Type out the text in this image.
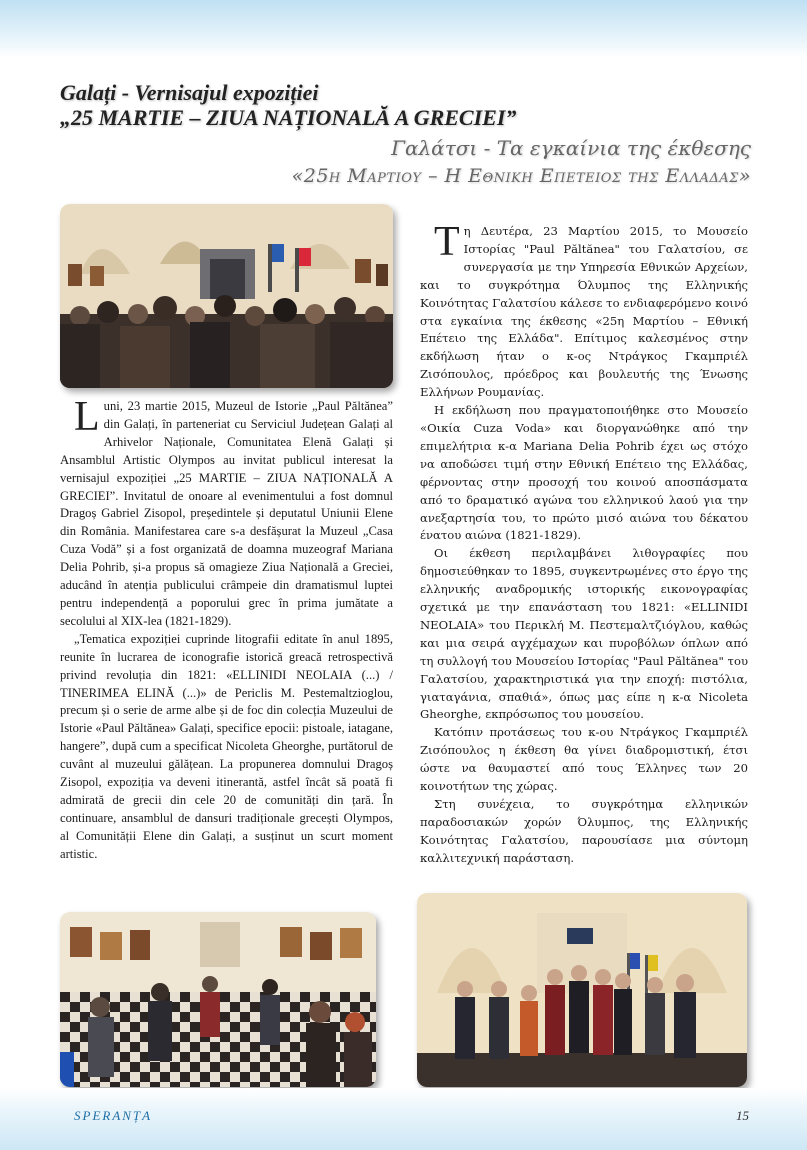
Galați - Vernisajul expoziției
„25 MARTIE – ZIUA NAȚIONALĂ A GRECIEI”
Γαλάτσι - Τα εγκαίνια της έκθεσης
«25η Μαρτιου – Η Εθνικη Επετειος της Ελλαδας»

Luni, 23 martie 2015, Muzeul de Istorie „Paul Păltănea” din Galați, în parteneriat cu Serviciul Județean Galați al Arhivelor Naționale, Comunitatea Elenă Galați și Ansamblul Artistic Olympos au invitat publicul interesat la vernisajul expoziției „25 MARTIE – ZIUA NAȚIONALĂ A GRECIEI”. Invitatul de onoare al evenimentului a fost domnul Dragoș Gabriel Zisopol, președintele și deputatul Uniunii Elene din România. Manifestarea care s-a desfășurat la Muzeul „Casa Cuza Vodă” și a fost organizată de doamna muzeograf Mariana Delia Pohrib, și-a propus să omagieze Ziua Națională a Greciei, aducând în atenția publicului crâmpeie din dramatismul luptei pentru independență a poporului grec în prima jumătate a secolului al XIX-lea (1821-1829).

„Tematica expoziției cuprinde litografii editate în anul 1895, reunite în lucrarea de iconografie istorică greacă retrospectivă privind revoluția din 1821: «ELLINIDI NEOLAIA (...) / TINERIMEA ELINĂ (...)» de Periclis M. Pestemaltzioglou, precum și o serie de arme albe și de foc din colecția Muzeului de Istorie «Paul Păltănea» Galați, specifice epocii: pistoale, iatagane, hangere”, după cum a specificat Nicoleta Gheorghe, purtătorul de cuvânt al muzeului gălățean. La propunerea domnului Dragoș Zisopol, expoziția va deveni itinerantă, astfel încât să poată fi admirată de grecii din cele 20 de comunități din țară. În continuare, ansamblul de dansuri tradiționale grecești Olympos, al Comunității Elene din Galați, a susținut un scurt moment artistic.

Τη Δευτέρα, 23 Μαρτίου 2015, το Μουσείο Ιστορίας "Paul Păltănea" του Γαλατσίου, σε συνεργασία με την Υπηρεσία Εθνικών Αρχείων, και το συγκρότημα Όλυμπος της Ελληνικής Κοινότητας Γαλατσίου κάλεσε το ενδιαφερόμενο κοινό στα εγκαίνια της έκθεσης «25η Μαρτίου – Εθνική Επέτειο της Ελλάδα". Επίτιμος καλεσμένος στην εκδήλωση ήταν ο κ-ος Ντράγκος Γκαμπριέλ Ζισόπουλος, πρόεδρος και βουλευτής της Ένωσης Ελλήνων Ρουμανίας.

Η εκδήλωση που πραγματοποιήθηκε στο Μουσείο «Οικία Cuza Voda» και διοργανώθηκε από την επιμελήτρια κ-α Mariana Delia Pohrib έχει ως στόχο να αποδώσει τιμή στην Εθνική Επέτειο της Ελλάδας, φέρνοντας στην προσοχή του κοινού αποσπάσματα από το δραματικό αγώνα του ελληνικού λαού για την ανεξαρτησία του, το πρώτο μισό αιώνα του δέκατου ένατου αιώνα (1821-1829).

Οι έκθεση περιλαμβάνει λιθογραφίες που δημοσιεύθηκαν το 1895, συγκεντρωμένες στο έργο της ελληνικής αναδρομικής ιστορικής εικονογραφίας σχετικά με την επανάσταση του 1821: «ELLINIDI NEOLAIA» του Περικλή Μ. Πεστεμαλτζιόγλου, καθώς και μια σειρά αγχέμαχων και πυροβόλων όπλων από τη συλλογή του Μουσείου Ιστορίας "Paul Păltănea" του Γαλατσίου, χαρακτηριστικά για την εποχή: πιστόλια, γιαταγάνια, σπαθιά», όπως μας είπε η κ-α Nicoleta Gheorghe, εκπρόσωπος του μουσείου.

Κατόπιν προτάσεως του κ-ου Ντράγκος Γκαμπριέλ Ζισόπουλος η έκθεση θα γίνει διαδρομιστική, έτσι ώστε να θαυμαστεί από τους Έλληνες των 20 κοινοτήτων της χώρας.

Στη συνέχεια, το συγκρότημα ελληνικών παραδοσιακών χορών Όλυμπος, της Ελληνικής Κοινότητας Γαλατσίου, παρουσίασε μια σύντομη καλλιτεχνική παράσταση.

SPERANȚA	15
